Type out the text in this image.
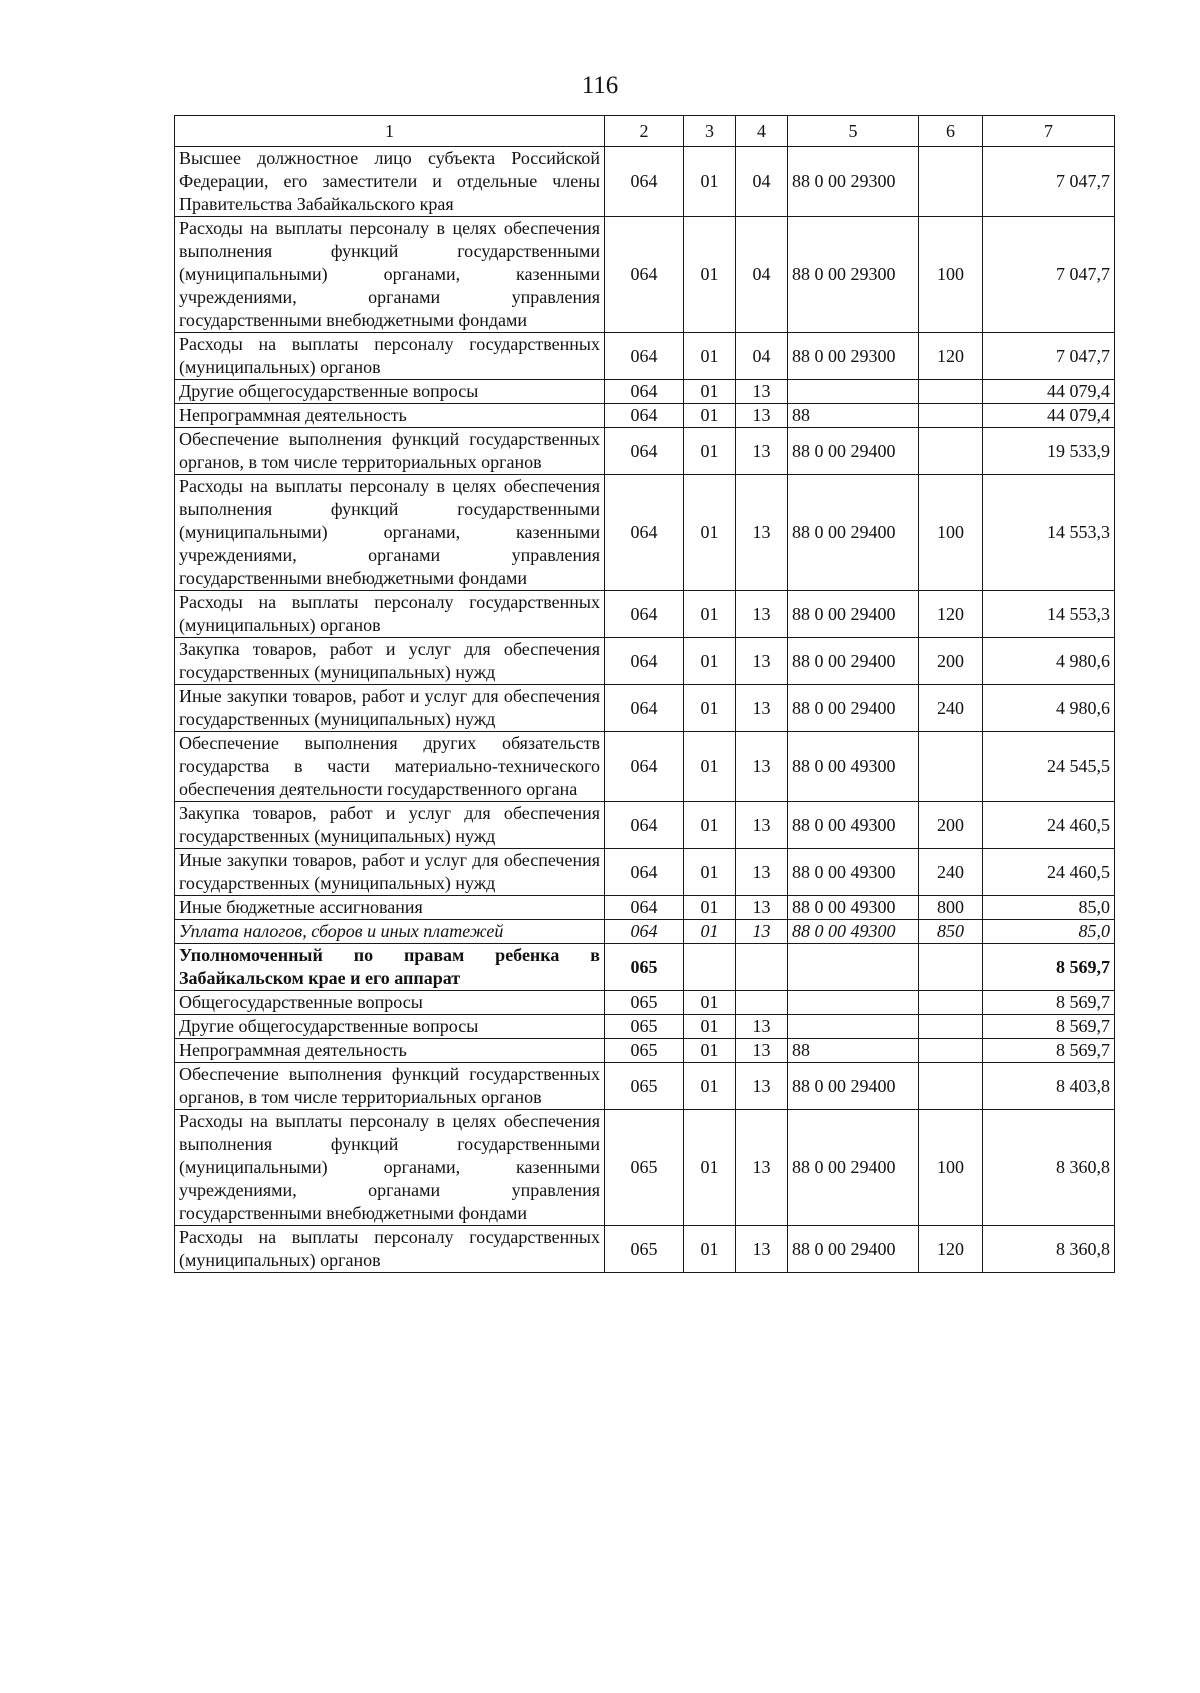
116
1	2	3	4	5	6	7
Высшее должностное лицо субъекта Российской Федерации, его заместители и отдельные члены Правительства Забайкальского края	064	01	04	88 0 00 29300		7 047,7
Расходы на выплаты персоналу в целях обеспечения выполнения функций государственными (муниципальными) органами, казенными учреждениями, органами управления государственными внебюджетными фондами	064	01	04	88 0 00 29300	100	7 047,7
Расходы на выплаты персоналу государственных (муниципальных) органов	064	01	04	88 0 00 29300	120	7 047,7
Другие общегосударственные вопросы	064	01	13			44 079,4
Непрограммная деятельность	064	01	13	88		44 079,4
Обеспечение выполнения функций государственных органов, в том числе территориальных органов	064	01	13	88 0 00 29400		19 533,9
Расходы на выплаты персоналу в целях обеспечения выполнения функций государственными (муниципальными) органами, казенными учреждениями, органами управления государственными внебюджетными фондами	064	01	13	88 0 00 29400	100	14 553,3
Расходы на выплаты персоналу государственных (муниципальных) органов	064	01	13	88 0 00 29400	120	14 553,3
Закупка товаров, работ и услуг для обеспечения государственных (муниципальных) нужд	064	01	13	88 0 00 29400	200	4 980,6
Иные закупки товаров, работ и услуг для обеспечения государственных (муниципальных) нужд	064	01	13	88 0 00 29400	240	4 980,6
Обеспечение выполнения других обязательств государства в части материально-технического обеспечения деятельности государственного органа	064	01	13	88 0 00 49300		24 545,5
Закупка товаров, работ и услуг для обеспечения государственных (муниципальных) нужд	064	01	13	88 0 00 49300	200	24 460,5
Иные закупки товаров, работ и услуг для обеспечения государственных (муниципальных) нужд	064	01	13	88 0 00 49300	240	24 460,5
Иные бюджетные ассигнования	064	01	13	88 0 00 49300	800	85,0
Уплата налогов, сборов и иных платежей	064	01	13	88 0 00 49300	850	85,0
Уполномоченный по правам ребенка в Забайкальском крае и его аппарат	065					8 569,7
Общегосударственные вопросы	065	01				8 569,7
Другие общегосударственные вопросы	065	01	13			8 569,7
Непрограммная деятельность	065	01	13	88		8 569,7
Обеспечение выполнения функций государственных органов, в том числе территориальных органов	065	01	13	88 0 00 29400		8 403,8
Расходы на выплаты персоналу в целях обеспечения выполнения функций государственными (муниципальными) органами, казенными учреждениями, органами управления государственными внебюджетными фондами	065	01	13	88 0 00 29400	100	8 360,8
Расходы на выплаты персоналу государственных (муниципальных) органов	065	01	13	88 0 00 29400	120	8 360,8
